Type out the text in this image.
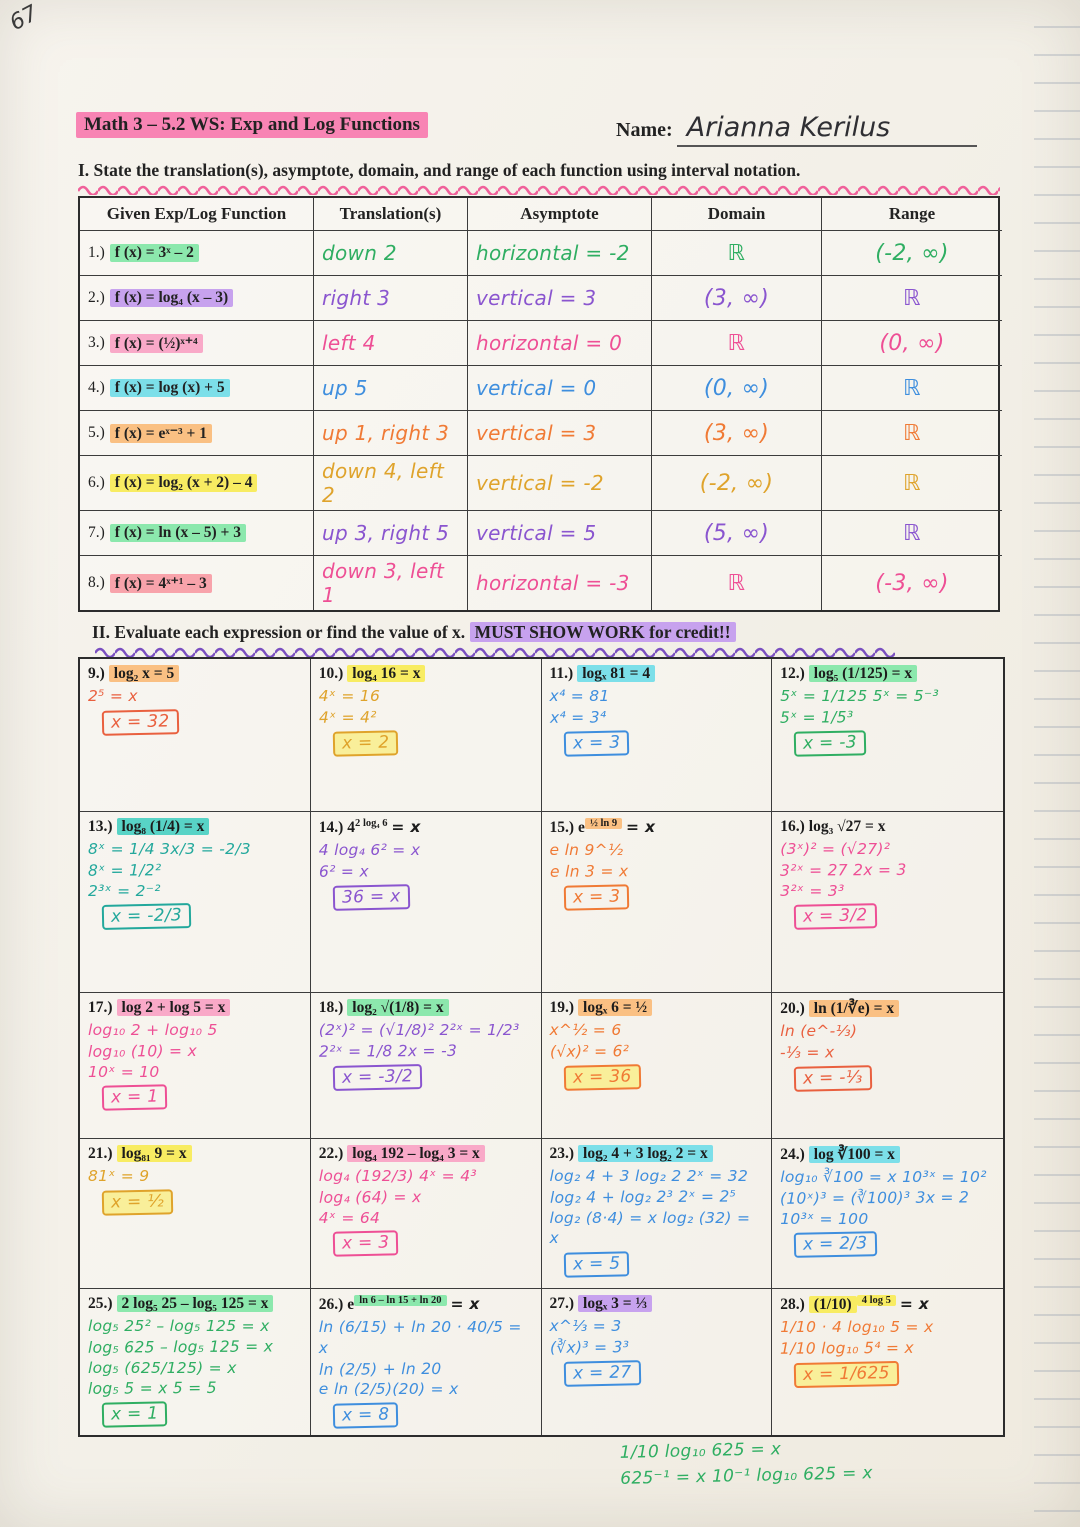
67
Math 3 – 5.2 WS: Exp and Log Functions	Name: Arianna Kerilus
I. State the translation(s), asymptote, domain, and range of each function using interval notation.
Given Exp/Log Function	Translation(s)	Asymptote	Domain	Range
1.) f (x) = 3ˣ – 2	down 2	horizontal = -2	ℝ	(-2, ∞)
2.) f (x) = log₄ (x – 3)	right 3	vertical = 3	(3, ∞)	ℝ
3.) f (x) = (½)ˣ⁺⁴	left 4	horizontal = 0	ℝ	(0, ∞)
4.) f (x) = log (x) + 5	up 5	vertical = 0	(0, ∞)	ℝ
5.) f (x) = eˣ⁻³ + 1	up 1, right 3	vertical = 3	(3, ∞)	ℝ
6.) f (x) = log₂ (x + 2) – 4	down 4, left 2	vertical = -2	(-2, ∞)	ℝ
7.) f (x) = ln (x – 5) + 3	up 3, right 5	vertical = 5	(5, ∞)	ℝ
8.) f (x) = 4ˣ⁺¹ – 3	down 3, left 1	horizontal = -3	ℝ	(-3, ∞)
II. Evaluate each expression or find the value of x. MUST SHOW WORK for credit!!
9.) log₂ x = 5
2⁵ = x
x = 32
10.) log₄ 16 = x
4ˣ = 16
4ˣ = 4²
x = 2
11.) logₓ 81 = 4
x⁴ = 81
x⁴ = 3⁴
x = 3
12.) log₅ (1/125) = x
5ˣ = 1/125 5ˣ = 5⁻³
5ˣ = 1/5³
x = -3
13.) log₈ (1/4) = x
8ˣ = 1/4 3x/3 = -2/3
8ˣ = 1/2²
2³ˣ = 2⁻²
x = -2/3
14.) $4^{2 log_4 6} = x$
4 log₄ 6² = x
6² = x
36 = x
15.) e $^{\frac{1}{2} ln 9}$ = x
e ln 9^½
e ln 3 = x
x = 3
16.) log₃ √27 = x
(3ˣ)² = (√27)²
3²ˣ = 27 2x = 3
3²ˣ = 3³
x = 3/2
17.) log 2 + log 5 = x
log₁₀ 2 + log₁₀ 5
log₁₀ (10) = x
10ˣ = 10
x = 1
18.) log₂ √(1/8) = x
(2ˣ)² = (√1/8)² 2²ˣ = 1/2³
2²ˣ = 1/8 2x = -3
x = -3/2
19.) logₓ 6 = ½
x^½ = 6
(√x)² = 6²
x = 36
20.) ln (1/∛e) = x
ln (e^-⅓)
-⅓ = x
x = -⅓
21.) log₈₁ 9 = x
81ˣ = 9
x = ½
22.) log₄ 192 – log₄ 3 = x
log₄ (192/3) 4ˣ = 4³
log₄ (64) = x
4ˣ = 64
x = 3
23.) log₂ 4 + 3 log₂ 2 = x
log₂ 4 + 3 log₂ 2 2ˣ = 32
log₂ 4 + log₂ 2³ 2ˣ = 2⁵
log₂ (8·4) = x log₂ (32) = x
x = 5
24.) log ∛100 = x
log₁₀ ∛100 = x 10³ˣ = 10²
(10ˣ)³ = (∛100)³ 3x = 2
10³ˣ = 100
x = 2/3
25.) 2 log₅ 25 – log₅ 125 = x
log₅ 25² – log₅ 125 = x
log₅ 625 – log₅ 125 = x
log₅ (625/125) = x
log₅ 5 = x 5 = 5
x = 1
26.) e $^{ln 6 - ln 15 + ln 20}$ = x
ln (6/15) + ln 20 · 40/5 = x
ln (2/5) + ln 20
e ln (2/5)(20) = x
x = 8
27.) logₓ 3 = ⅓
x^⅓ = 3
(∛x)³ = 3³
x = 27
28.) (1/10) $^{4 log 5}$ = x
1/10 · 4 log₁₀ 5 = x
1/10 log₁₀ 5⁴ = x
x = 1/625
1/10 log₁₀ 625 = x
625⁻¹ = x 10⁻¹ log₁₀ 625 = x
